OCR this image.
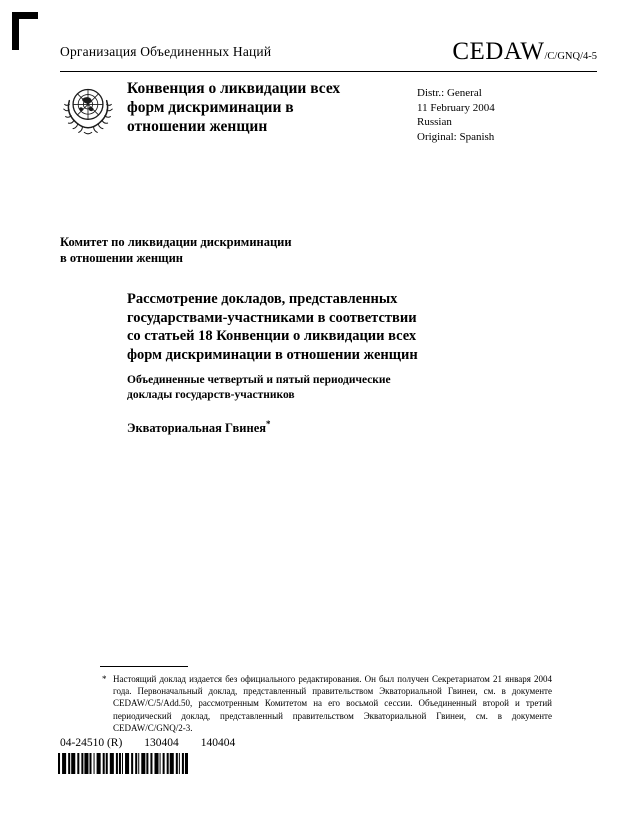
Организация Объединенных Наций	CEDAW/C/GNQ/4-5
Конвенция о ликвидации всех
форм дискриминации в
отношении женщин
Distr.: General
11 February 2004
Russian
Original: Spanish
Комитет по ликвидации дискриминации
в отношении женщин
Рассмотрение докладов, представленных
государствами-участниками в соответствии
со статьей 18 Конвенции о ликвидации всех
форм дискриминации в отношении женщин
Объединенные четвертый и пятый периодические
доклады государств-участников
Экваториальная Гвинея*
* Настоящий доклад издается без официального редактирования. Он был получен Секретариатом 21 января 2004 года. Первоначальный доклад, представленный правительством Экваториальной Гвинеи, см. в документе CEDAW/C/5/Add.50, рассмотренным Комитетом на его восьмой сессии. Объединенный второй и третий периодический доклад, представленный правительством Экваториальной Гвинеи, см. в документе CEDAW/C/GNQ/2-3.
04-24510 (R) 130404 140404
